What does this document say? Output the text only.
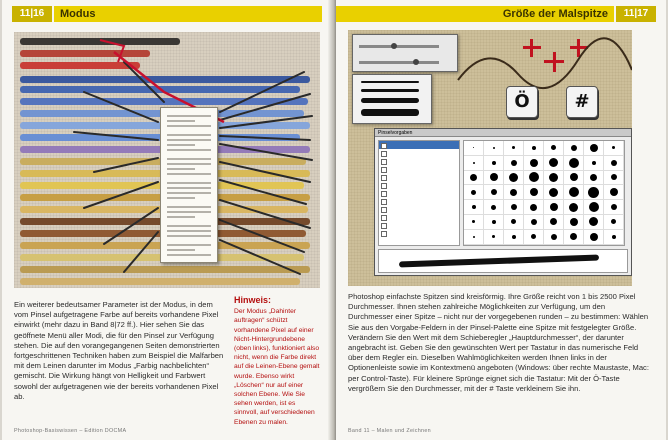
11|16	Modus
Ein weiterer bedeutsamer Parameter ist der Modus, in dem vom Pinsel aufgetragene Farbe auf bereits vorhandene Pixel einwirkt (mehr dazu in Band 8|72 ff.). Hier sehen Sie das geöffnete Menü aller Modi, die für den Pinsel zur Verfügung stehen. Die auf den vorangegangenen Seiten demonstrierten fortgeschrittenen Techniken haben zum Beispiel die Malfarben mit dem Leinen darunter im Modus „Farbig nachbelichten“ gemischt. Die Wirkung hängt von Helligkeit und Farbwert sowohl der aufgetragenen wie der bereits vorhandenen Pixel ab.
Hinweis:
Der Modus „Dahinter auftragen“ schützt vorhandene Pixel auf einer Nicht-Hintergrundebene (oben links), funktioniert also nicht, wenn die Farbe direkt auf die Leinen-Ebene gemalt wurde. Ebenso wirkt „Löschen“ nur auf einer solchen Ebene. Wie Sie sehen werden, ist es sinnvoll, auf verschiedenen Ebenen zu malen.
Photoshop-Basiswissen – Edition DOCMA
Größe der Malspitze	11|17
Ö	#
Pinselvorgaben
Photoshop einfachste Spitzen sind kreisförmig. Ihre Größe reicht von 1 bis 2500 Pixel Durchmesser. Ihnen stehen zahlreiche Möglichkeiten zur Verfügung, um den Durchmesser einer Spitze – nicht nur der vorgegebenen runden – zu bestimmen: Wählen Sie aus den Vorgabe-Feldern in der Pinsel-Palette eine Spitze mit festgelegter Größe. Verändern Sie den Wert mit dem Schieberegler „Hauptdurchmesser“, der darunter angebracht ist. Geben Sie den gewünschten Wert per Tastatur in das numerische Feld über dem Regler ein. Dieselben Wahlmöglichkeiten werden Ihnen links in der Optionenleiste sowie im Kontextmenü angeboten (Windows: über rechte Maustaste, Mac: per Control-Taste). Für kleinere Sprünge eignet sich die Tastatur: Mit der Ö-Taste vergrößern Sie den Durchmesser, mit der # Taste verkleinern Sie ihn.
Band 11 – Malen und Zeichnen
